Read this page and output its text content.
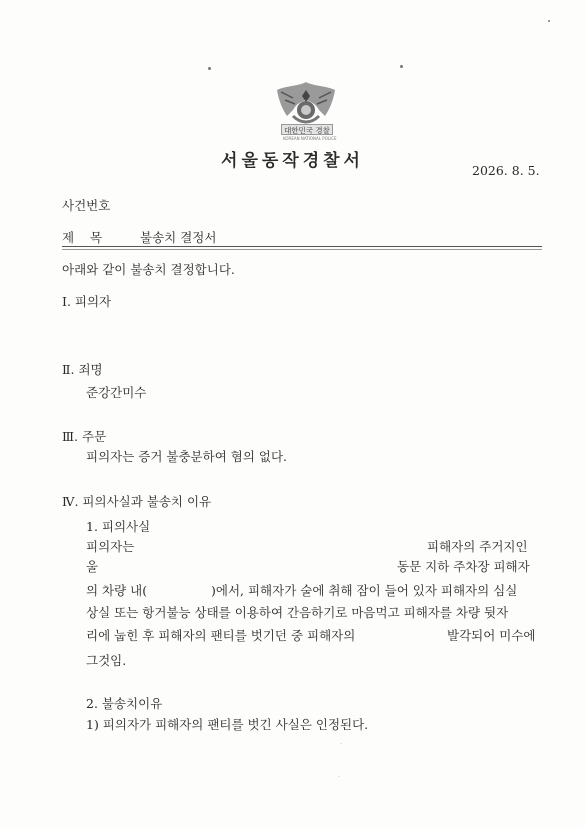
대한민국 경찰
KOREAN NATIONAL POLICE
서울동작경찰서	2026. 8. 5.
사건번호
제    목	불송치 결정서
아래와 같이 불송치 결정합니다.
Ⅰ. 피의자
Ⅱ. 죄명
준강간미수
Ⅲ. 주문
피의자는 증거 불충분하여 혐의 없다.
Ⅳ. 피의사실과 불송치 이유
1. 피의사실
피의자는	피해자의 주거지인
울	동문 지하 주차장 피해자
의 차량 내(	)에서, 피해자가 술에 취해 잠이 들어 있자 피해자의 심실
상실 또는 항거불능 상태를 이용하여 간음하기로 마음먹고 피해자를 차량 뒷자
리에 눕힌 후 피해자의 팬티를 벗기던 중 피해자의	발각되어 미수에
그것임.
2. 불송치이유
1) 피의자가 피해자의 팬티를 벗긴 사실은 인정된다.
·
·
